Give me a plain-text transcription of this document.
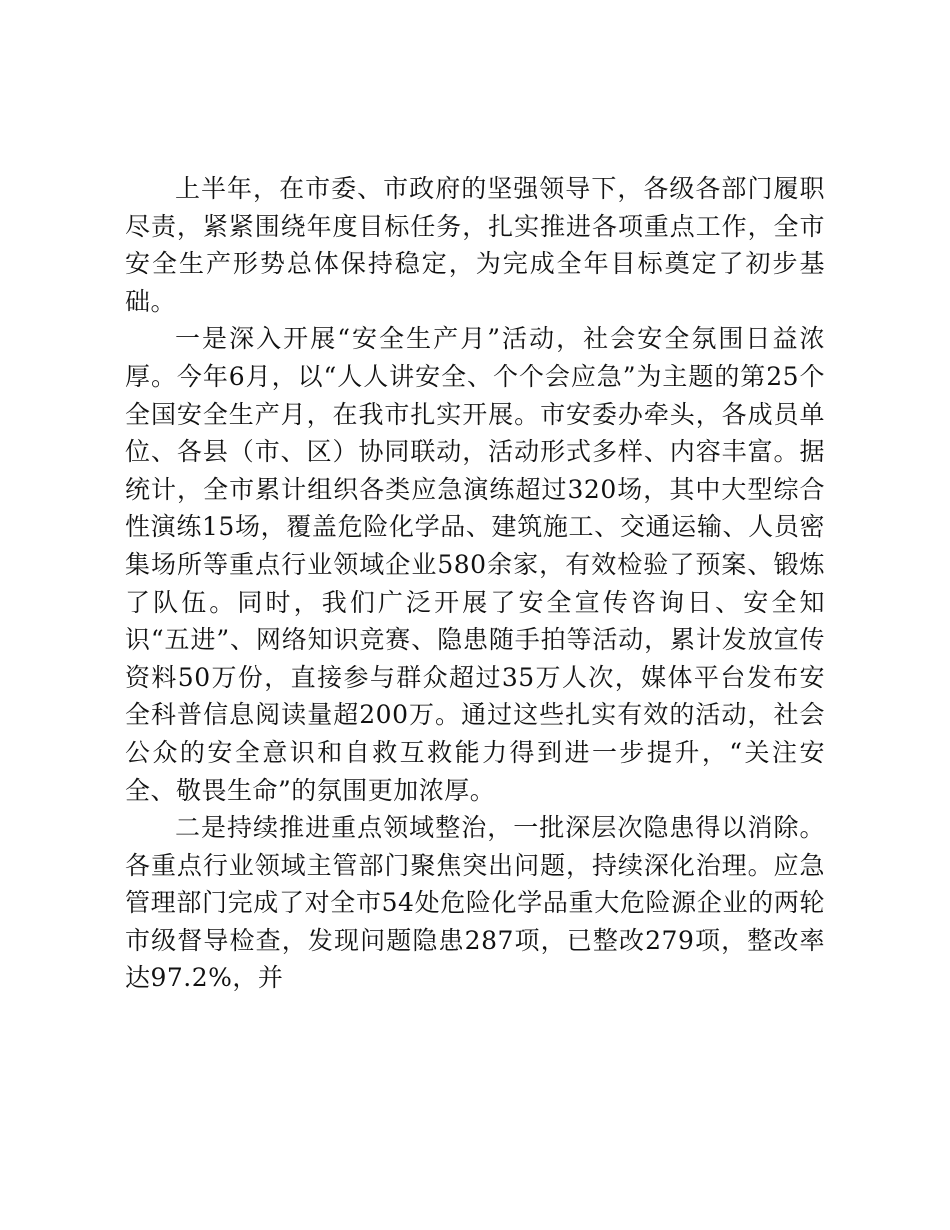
上半年，在市委、市政府的坚强领导下，各级各部门履职尽责，紧紧围绕年度目标任务，扎实推进各项重点工作，全市安全生产形势总体保持稳定，为完成全年目标奠定了初步基础。

一是深入开展“安全生产月”活动，社会安全氛围日益浓厚。今年6月，以“人人讲安全、个个会应急”为主题的第25个全国安全生产月，在我市扎实开展。市安委办牵头，各成员单位、各县（市、区）协同联动，活动形式多样、内容丰富。据统计，全市累计组织各类应急演练超过320场，其中大型综合性演练15场，覆盖危险化学品、建筑施工、交通运输、人员密集场所等重点行业领域企业580余家，有效检验了预案、锻炼了队伍。同时，我们广泛开展了安全宣传咨询日、安全知识“五进”、网络知识竞赛、隐患随手拍等活动，累计发放宣传资料50万份，直接参与群众超过35万人次，媒体平台发布安全科普信息阅读量超200万。通过这些扎实有效的活动，社会公众的安全意识和自救互救能力得到进一步提升，“关注安全、敬畏生命”的氛围更加浓厚。

二是持续推进重点领域整治，一批深层次隐患得以消除。各重点行业领域主管部门聚焦突出问题，持续深化治理。应急管理部门完成了对全市54处危险化学品重大危险源企业的两轮市级督导检查，发现问题隐患287项，已整改279项，整改率达97.2%，并
